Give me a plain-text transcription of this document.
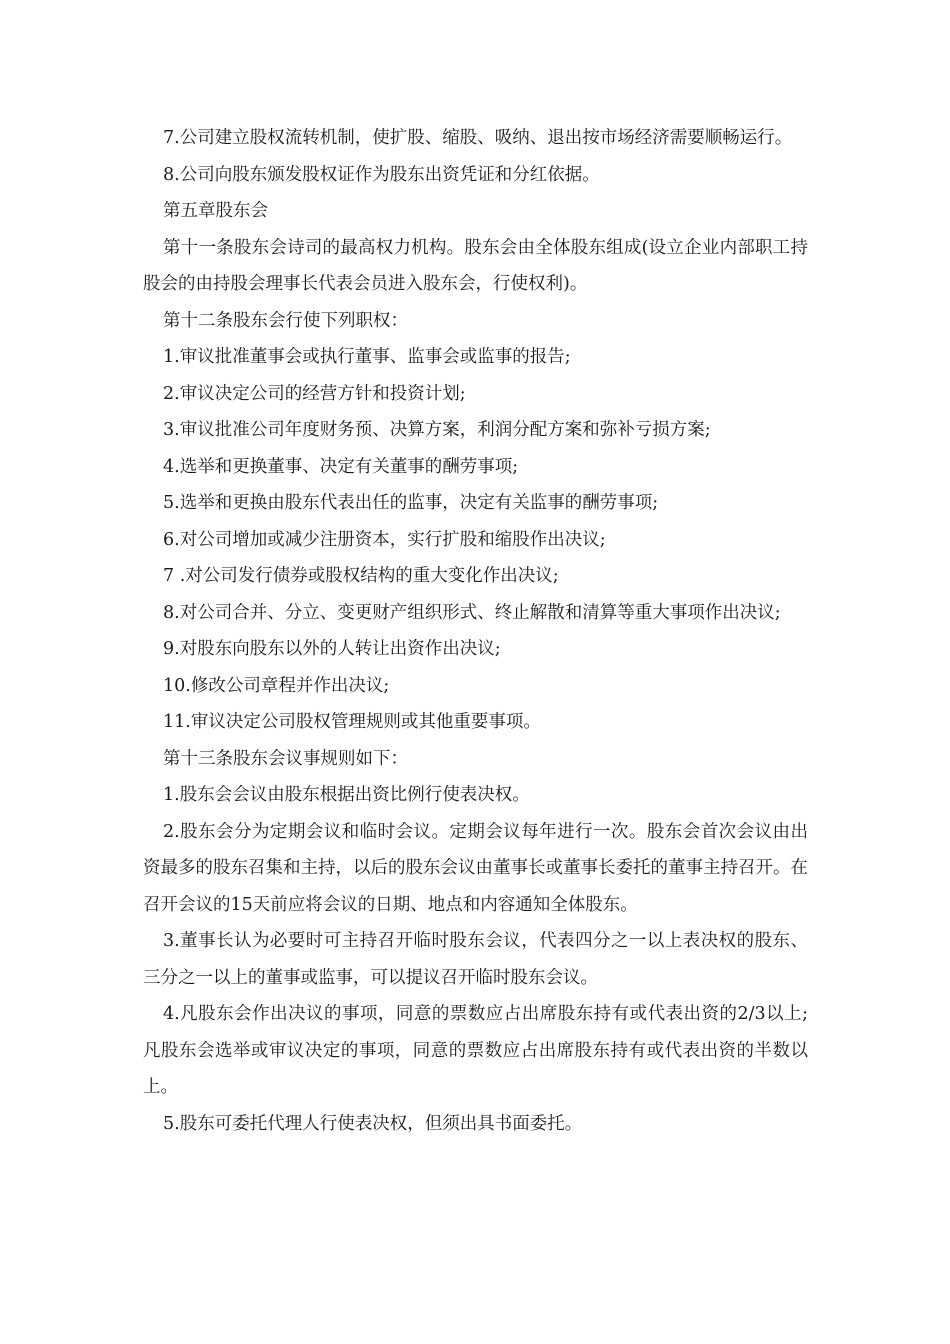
7.公司建立股权流转机制，使扩股、缩股、吸纳、退出按市场经济需要顺畅运行。

8.公司向股东颁发股权证作为股东出资凭证和分红依据。

第五章股东会

第十一条股东会诗司的最高权力机构。股东会由全体股东组成(设立企业内部职工持股会的由持股会理事长代表会员进入股东会，行使权利)。

第十二条股东会行使下列职权：

1.审议批准董事会或执行董事、监事会或监事的报告;

2.审议决定公司的经营方针和投资计划;

3.审议批准公司年度财务预、决算方案，利润分配方案和弥补亏损方案;

4.选举和更换董事、决定有关董事的酬劳事项;

5.选举和更换由股东代表出任的监事，决定有关监事的酬劳事项;

6.对公司增加或减少注册资本，实行扩股和缩股作出决议;

7 .对公司发行债券或股权结构的重大变化作出决议;

8.对公司合并、分立、变更财产组织形式、终止解散和清算等重大事项作出决议;

9.对股东向股东以外的人转让出资作出决议;

10.修改公司章程并作出决议;

11.审议决定公司股权管理规则或其他重要事项。

第十三条股东会议事规则如下：

1.股东会会议由股东根据出资比例行使表决权。

2.股东会分为定期会议和临时会议。定期会议每年进行一次。股东会首次会议由出资最多的股东召集和主持，以后的股东会议由董事长或董事长委托的董事主持召开。在召开会议的15天前应将会议的日期、地点和内容通知全体股东。

3.董事长认为必要时可主持召开临时股东会议，代表四分之一以上表决权的股东、三分之一以上的董事或监事，可以提议召开临时股东会议。

4.凡股东会作出决议的事项，同意的票数应占出席股东持有或代表出资的2/3以上;凡股东会选举或审议决定的事项，同意的票数应占出席股东持有或代表出资的半数以上。

5.股东可委托代理人行使表决权，但须出具书面委托。
